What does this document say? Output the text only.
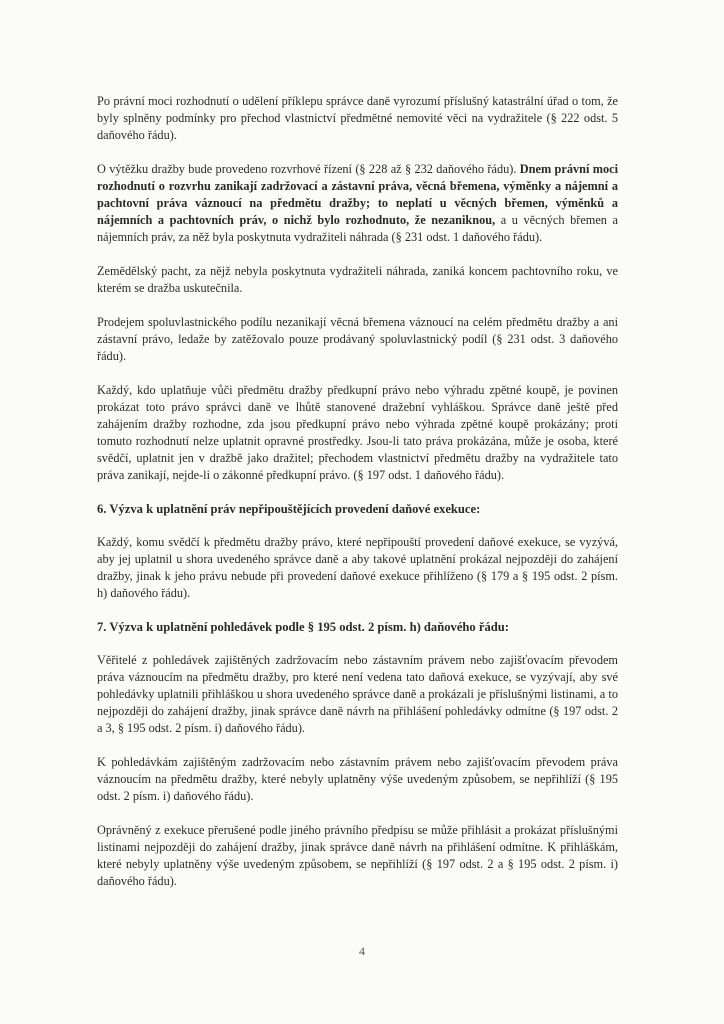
Po právní moci rozhodnutí o udělení příklepu správce daně vyrozumí příslušný katastrální úřad o tom, že byly splněny podmínky pro přechod vlastnictví předmětné nemovité věci na vydražitele (§ 222 odst. 5 daňového řádu).

O výtěžku dražby bude provedeno rozvrhové řízení (§ 228 až § 232 daňového řádu). Dnem právní moci rozhodnutí o rozvrhu zanikají zadržovací a zástavní práva, věcná břemena, výměnky a nájemní a pachtovní práva váznoucí na předmětu dražby; to neplatí u věcných břemen, výměnků a nájemních a pachtovních práv, o nichž bylo rozhodnuto, že nezaniknou, a u věcných břemen a nájemních práv, za něž byla poskytnuta vydražiteli náhrada (§ 231 odst. 1 daňového řádu).

Zemědělský pacht, za nějž nebyla poskytnuta vydražiteli náhrada, zaniká koncem pachtovního roku, ve kterém se dražba uskutečnila.

Prodejem spoluvlastnického podílu nezanikají věcná břemena váznoucí na celém předmětu dražby a ani zástavní právo, ledaže by zatěžovalo pouze prodávaný spoluvlastnický podíl (§ 231 odst. 3 daňového řádu).

Každý, kdo uplatňuje vůči předmětu dražby předkupní právo nebo výhradu zpětné koupě, je povinen prokázat toto právo správci daně ve lhůtě stanovené dražební vyhláškou. Správce daně ještě před zahájením dražby rozhodne, zda jsou předkupní právo nebo výhrada zpětné koupě prokázány; proti tomuto rozhodnutí nelze uplatnit opravné prostředky. Jsou-li tato práva prokázána, může je osoba, které svědčí, uplatnit jen v dražbě jako dražitel; přechodem vlastnictví předmětu dražby na vydražitele tato práva zanikají, nejde-li o zákonné předkupní právo. (§ 197 odst. 1 daňového řádu).

6. Výzva k uplatnění práv nepřipouštějících provedení daňové exekuce:

Každý, komu svědčí k předmětu dražby právo, které nepřipouští provedení daňové exekuce, se vyzývá, aby jej uplatnil u shora uvedeného správce daně a aby takové uplatnění prokázal nejpozději do zahájení dražby, jinak k jeho právu nebude při provedení daňové exekuce přihlíženo (§ 179 a § 195 odst. 2 písm. h) daňového řádu).

7. Výzva k uplatnění pohledávek podle § 195 odst. 2 písm. h) daňového řádu:

Věřitelé z pohledávek zajištěných zadržovacím nebo zástavním právem nebo zajišťovacím převodem práva váznoucím na předmětu dražby, pro které není vedena tato daňová exekuce, se vyzývají, aby své pohledávky uplatnili přihláškou u shora uvedeného správce daně a prokázali je příslušnými listinami, a to nejpozději do zahájení dražby, jinak správce daně návrh na přihlášení pohledávky odmítne (§ 197 odst. 2 a 3, § 195 odst. 2 písm. i) daňového řádu).

K pohledávkám zajištěným zadržovacím nebo zástavním právem nebo zajišťovacím převodem práva váznoucím na předmětu dražby, které nebyly uplatněny výše uvedeným způsobem, se nepřihlíží (§ 195 odst. 2 písm. i) daňového řádu).

Oprávněný z exekuce přerušené podle jiného právního předpisu se může přihlásit a prokázat příslušnými listinami nejpozději do zahájení dražby, jinak správce daně návrh na přihlášení odmítne. K přihláškám, které nebyly uplatněny výše uvedeným způsobem, se nepřihlíží (§ 197 odst. 2 a § 195 odst. 2 písm. i) daňového řádu).

4
